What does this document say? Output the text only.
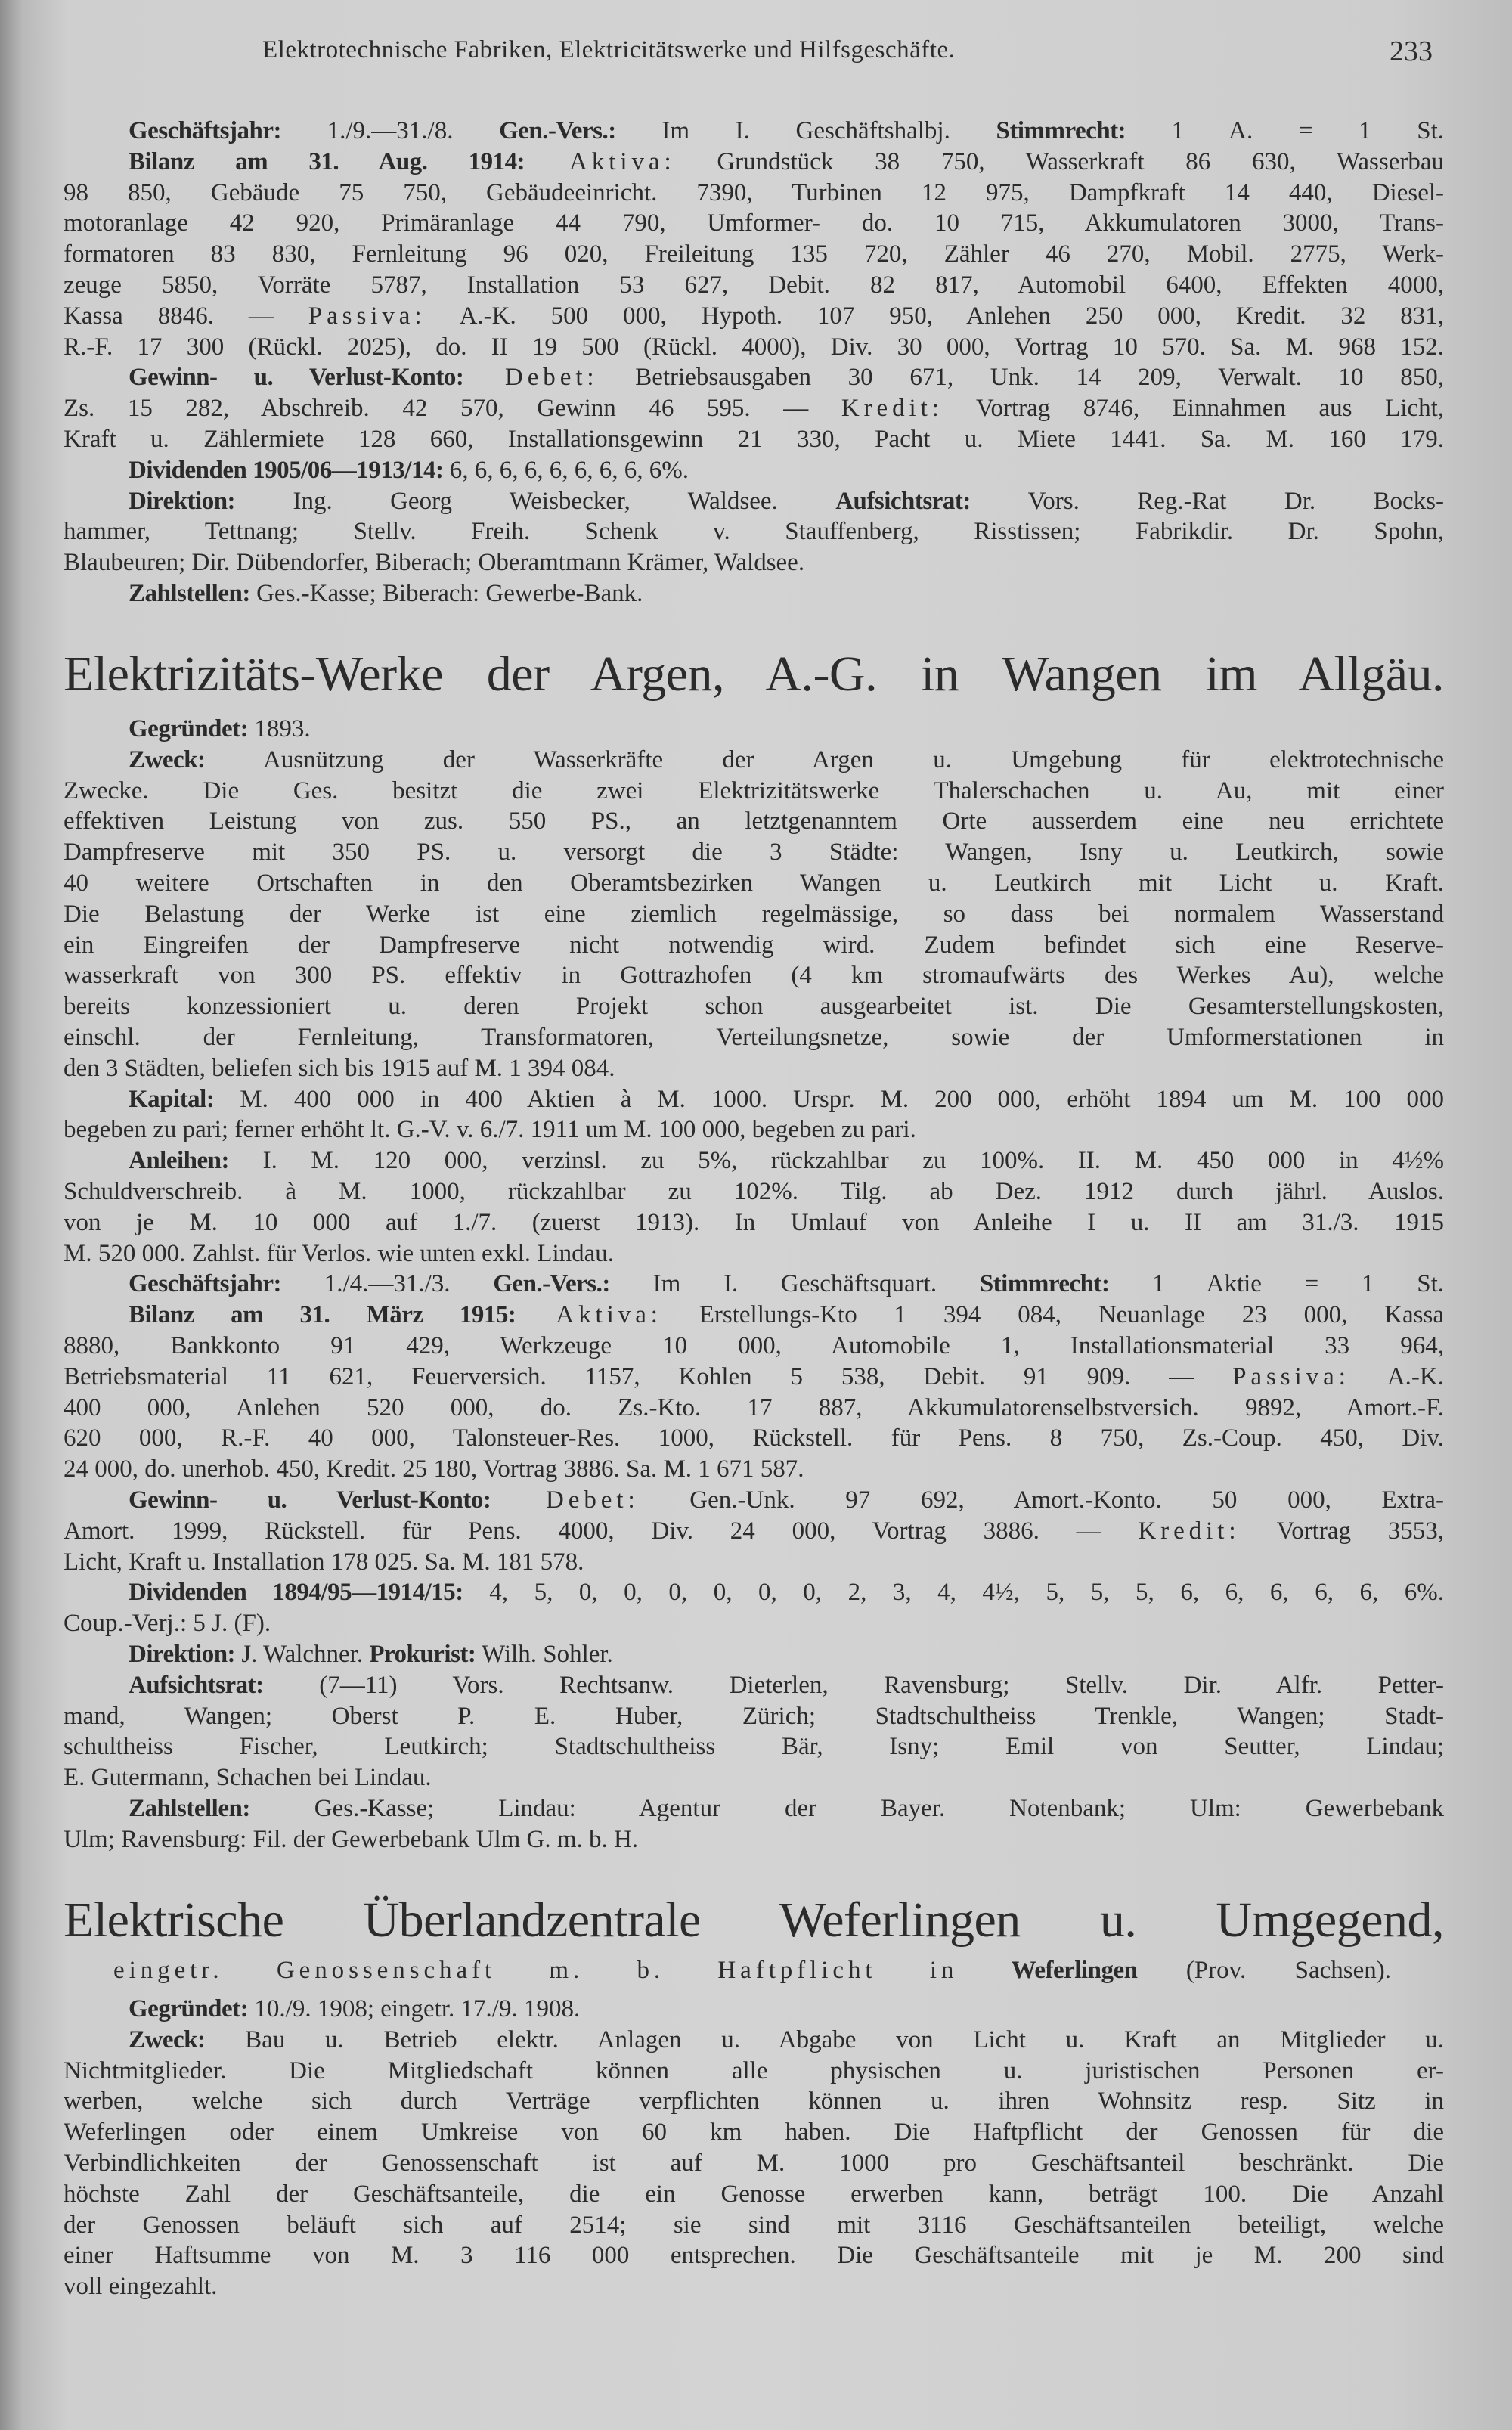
Elektrotechnische Fabriken, Elektricitätswerke und Hilfsgeschäfte.	233
Geschäftsjahr: 1./9.—31./8. Gen.-Vers.: Im I. Geschäftshalbj. Stimmrecht: 1 A. = 1 St.
Bilanz am 31. Aug. 1914: Aktiva: Grundstück 38 750, Wasserkraft 86 630, Wasserbau
98 850, Gebäude 75 750, Gebäudeeinricht. 7390, Turbinen 12 975, Dampfkraft 14 440, Diesel-
motoranlage 42 920, Primäranlage 44 790, Umformer- do. 10 715, Akkumulatoren 3000, Trans-
formatoren 83 830, Fernleitung 96 020, Freileitung 135 720, Zähler 46 270, Mobil. 2775, Werk-
zeuge 5850, Vorräte 5787, Installation 53 627, Debit. 82 817, Automobil 6400, Effekten 4000,
Kassa 8846. — Passiva: A.-K. 500 000, Hypoth. 107 950, Anlehen 250 000, Kredit. 32 831,
R.-F. 17 300 (Rückl. 2025), do. II 19 500 (Rückl. 4000), Div. 30 000, Vortrag 10 570. Sa. M. 968 152.
Gewinn- u. Verlust-Konto: Debet: Betriebsausgaben 30 671, Unk. 14 209, Verwalt. 10 850,
Zs. 15 282, Abschreib. 42 570, Gewinn 46 595. — Kredit: Vortrag 8746, Einnahmen aus Licht,
Kraft u. Zählermiete 128 660, Installationsgewinn 21 330, Pacht u. Miete 1441. Sa. M. 160 179.
Dividenden 1905/06—1913/14: 6, 6, 6, 6, 6, 6, 6, 6, 6%.
Direktion: Ing. Georg Weisbecker, Waldsee. Aufsichtsrat: Vors. Reg.-Rat Dr. Bocks-
hammer, Tettnang; Stellv. Freih. Schenk v. Stauffenberg, Risstissen; Fabrikdir. Dr. Spohn,
Blaubeuren; Dir. Dübendorfer, Biberach; Oberamtmann Krämer, Waldsee.
Zahlstellen: Ges.-Kasse; Biberach: Gewerbe-Bank.
Elektrizitäts-Werke der Argen, A.-G. in Wangen im Allgäu.
Gegründet: 1893.
Zweck: Ausnützung der Wasserkräfte der Argen u. Umgebung für elektrotechnische
Zwecke. Die Ges. besitzt die zwei Elektrizitätswerke Thalerschachen u. Au, mit einer
effektiven Leistung von zus. 550 PS., an letztgenanntem Orte ausserdem eine neu errichtete
Dampfreserve mit 350 PS. u. versorgt die 3 Städte: Wangen, Isny u. Leutkirch, sowie
40 weitere Ortschaften in den Oberamtsbezirken Wangen u. Leutkirch mit Licht u. Kraft.
Die Belastung der Werke ist eine ziemlich regelmässige, so dass bei normalem Wasserstand
ein Eingreifen der Dampfreserve nicht notwendig wird. Zudem befindet sich eine Reserve-
wasserkraft von 300 PS. effektiv in Gottrazhofen (4 km stromaufwärts des Werkes Au), welche
bereits konzessioniert u. deren Projekt schon ausgearbeitet ist. Die Gesamterstellungskosten,
einschl. der Fernleitung, Transformatoren, Verteilungsnetze, sowie der Umformerstationen in
den 3 Städten, beliefen sich bis 1915 auf M. 1 394 084.
Kapital: M. 400 000 in 400 Aktien à M. 1000. Urspr. M. 200 000, erhöht 1894 um M. 100 000
begeben zu pari; ferner erhöht lt. G.-V. v. 6./7. 1911 um M. 100 000, begeben zu pari.
Anleihen: I. M. 120 000, verzinsl. zu 5%, rückzahlbar zu 100%. II. M. 450 000 in 4½%
Schuldverschreib. à M. 1000, rückzahlbar zu 102%. Tilg. ab Dez. 1912 durch jährl. Auslos.
von je M. 10 000 auf 1./7. (zuerst 1913). In Umlauf von Anleihe I u. II am 31./3. 1915
M. 520 000. Zahlst. für Verlos. wie unten exkl. Lindau.
Geschäftsjahr: 1./4.—31./3. Gen.-Vers.: Im I. Geschäftsquart. Stimmrecht: 1 Aktie = 1 St.
Bilanz am 31. März 1915: Aktiva: Erstellungs-Kto 1 394 084, Neuanlage 23 000, Kassa
8880, Bankkonto 91 429, Werkzeuge 10 000, Automobile 1, Installationsmaterial 33 964,
Betriebsmaterial 11 621, Feuerversich. 1157, Kohlen 5 538, Debit. 91 909. — Passiva: A.-K.
400 000, Anlehen 520 000, do. Zs.-Kto. 17 887, Akkumulatorenselbstversich. 9892, Amort.-F.
620 000, R.-F. 40 000, Talonsteuer-Res. 1000, Rückstell. für Pens. 8 750, Zs.-Coup. 450, Div.
24 000, do. unerhob. 450, Kredit. 25 180, Vortrag 3886. Sa. M. 1 671 587.
Gewinn- u. Verlust-Konto: Debet: Gen.-Unk. 97 692, Amort.-Konto. 50 000, Extra-
Amort. 1999, Rückstell. für Pens. 4000, Div. 24 000, Vortrag 3886. — Kredit: Vortrag 3553,
Licht, Kraft u. Installation 178 025. Sa. M. 181 578.
Dividenden 1894/95—1914/15: 4, 5, 0, 0, 0, 0, 0, 0, 2, 3, 4, 4½, 5, 5, 5, 6, 6, 6, 6, 6, 6%.
Coup.-Verj.: 5 J. (F).
Direktion: J. Walchner. Prokurist: Wilh. Sohler.
Aufsichtsrat: (7—11) Vors. Rechtsanw. Dieterlen, Ravensburg; Stellv. Dir. Alfr. Petter-
mand, Wangen; Oberst P. E. Huber, Zürich; Stadtschultheiss Trenkle, Wangen; Stadt-
schultheiss Fischer, Leutkirch; Stadtschultheiss Bär, Isny; Emil von Seutter, Lindau;
E. Gutermann, Schachen bei Lindau.
Zahlstellen: Ges.-Kasse; Lindau: Agentur der Bayer. Notenbank; Ulm: Gewerbebank
Ulm; Ravensburg: Fil. der Gewerbebank Ulm G. m. b. H.
Elektrische Überlandzentrale Weferlingen u. Umgegend,
eingetr. Genossenschaft m. b. Haftpflicht in Weferlingen (Prov. Sachsen).
Gegründet: 10./9. 1908; eingetr. 17./9. 1908.
Zweck: Bau u. Betrieb elektr. Anlagen u. Abgabe von Licht u. Kraft an Mitglieder u.
Nichtmitglieder. Die Mitgliedschaft können alle physischen u. juristischen Personen er-
werben, welche sich durch Verträge verpflichten können u. ihren Wohnsitz resp. Sitz in
Weferlingen oder einem Umkreise von 60 km haben. Die Haftpflicht der Genossen für die
Verbindlichkeiten der Genossenschaft ist auf M. 1000 pro Geschäftsanteil beschränkt. Die
höchste Zahl der Geschäftsanteile, die ein Genosse erwerben kann, beträgt 100. Die Anzahl
der Genossen beläuft sich auf 2514; sie sind mit 3116 Geschäftsanteilen beteiligt, welche
einer Haftsumme von M. 3 116 000 entsprechen. Die Geschäftsanteile mit je M. 200 sind
voll eingezahlt.
